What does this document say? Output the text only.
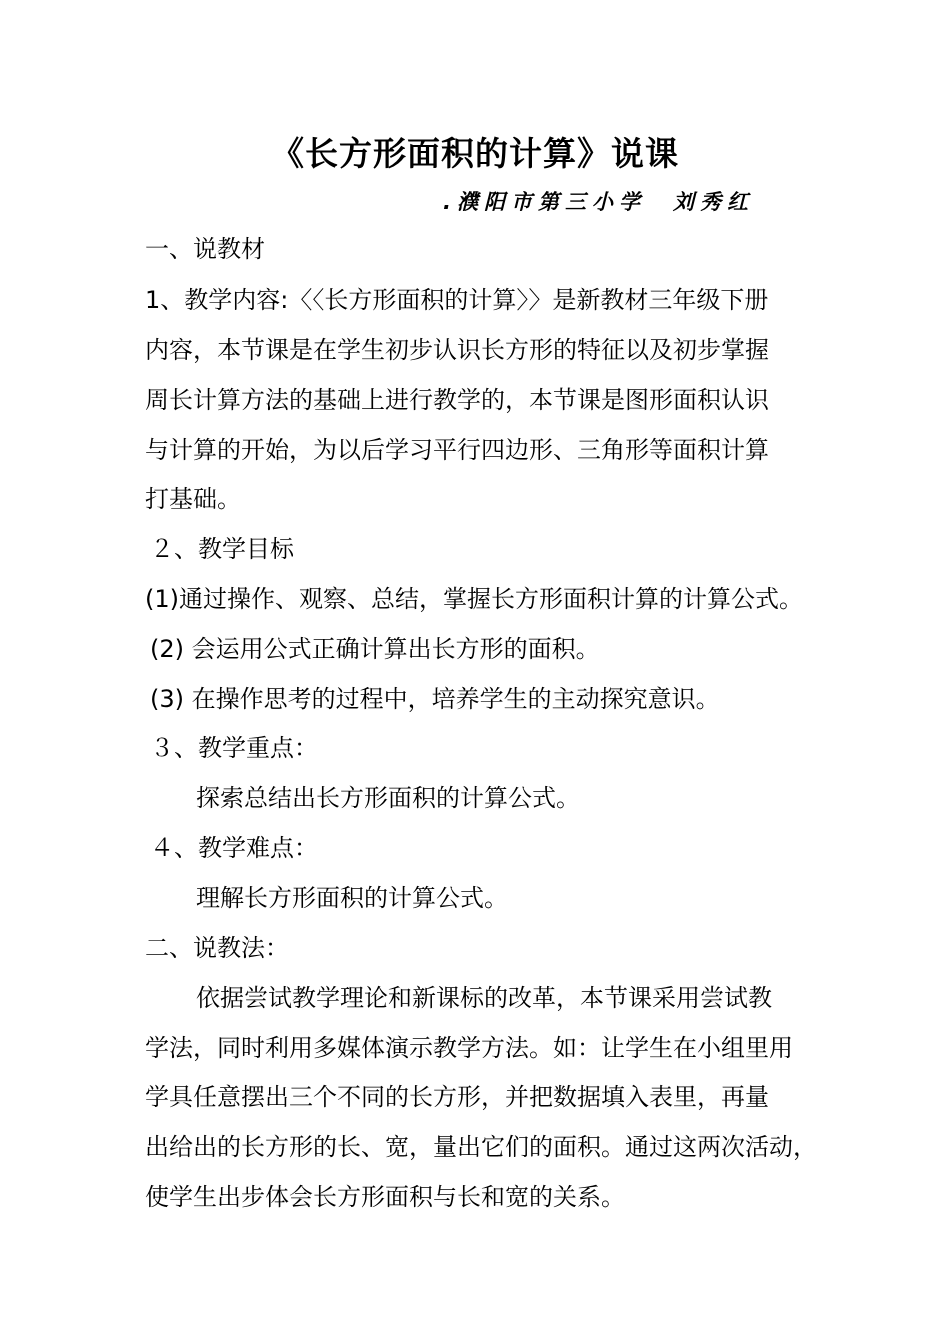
《长方形面积的计算》说课
.濮阳市第三小学　刘秀红
一、说教材
1、教学内容:〈〈长方形面积的计算〉〉是新教材三年级下册
内容，本节课是在学生初步认识长方形的特征以及初步掌握
周长计算方法的基础上进行教学的，本节课是图形面积认识
与计算的开始，为以后学习平行四边形、三角形等面积计算
打基础。
２、教学目标
(1)通过操作、观察、总结，掌握长方形面积计算的计算公式。
(2) 会运用公式正确计算出长方形的面积。
(3) 在操作思考的过程中，培养学生的主动探究意识。
３、教学重点：
探索总结出长方形面积的计算公式。
４、教学难点：
理解长方形面积的计算公式。
二、说教法：
依据尝试教学理论和新课标的改革，本节课采用尝试教
学法，同时利用多媒体演示教学方法。如：让学生在小组里用
学具任意摆出三个不同的长方形，并把数据填入表里，再量
出给出的长方形的长、宽，量出它们的面积。通过这两次活动，
使学生出步体会长方形面积与长和宽的关系。
